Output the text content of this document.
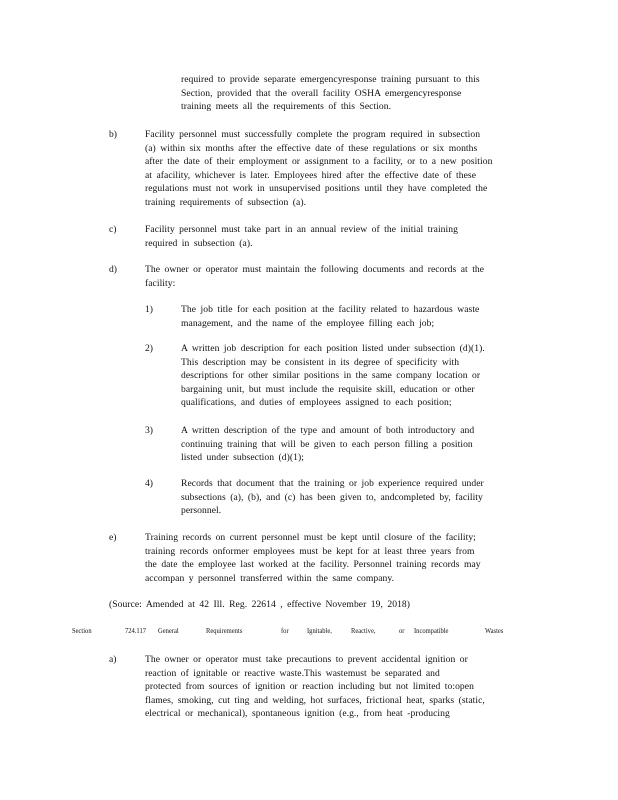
required to provide separate emergencyresponse training pursuant to this

Section, provided that the overall facility OSHA emergencyresponse

training meets all the requirements of this Section.

b)	Facility personnel must successfully complete the program required in subsection

(a) within six months after the effective date of these regulations or six months

after the date of their employment or assignment to a facility, or to a new position

at afacility, whichever is later. Employees hired after the effective date of these

regulations must not work in unsupervised positions until they have completed the

training requirements of subsection (a).

c)	Facility personnel must take part in an annual review of the initial training

required in subsection (a).

d)	The owner or operator must maintain the following documents and records at the

facility:

1)	The job title for each position at the facility related to hazardous waste

management, and the name of the employee filling each job;

2)	A written job description for each position listed under subsection (d)(1).

This description may be consistent in its degree of specificity with

descriptions for other similar positions in the same company location or

bargaining unit, but must include the requisite skill, education or other

qualifications, and duties of employees assigned to each position;

3)	A written description of the type and amount of both introductory and

continuing training that will be given to each person filling a position

listed under subsection (d)(1);

4)	Records that document that the training or job experience required under

subsections (a), (b), and (c) has been given to, andcompleted by, facility

personnel.

e)	Training records on current personnel must be kept until closure of the facility;

training records onformer employees must be kept for at least three years from

the date the employee last worked at the facility. Personnel training records may

accompan y personnel transferred within the same company.

(Source: Amended at 42 Ill. Reg. 22614 , effective November 19, 2018)

Section	724.117 General	Requirements	for Ignitable,	Reactive,	or Incompatible	Wastes
a)	The owner or operator must take precautions to prevent accidental ignition or

reaction of ignitable or reactive waste.This wastemust be separated and

protected from sources of ignition or reaction including but not limited to:open

flames, smoking, cut ting and welding, hot surfaces, frictional heat, sparks (static,

electrical or mechanical), spontaneous ignition (e.g., from heat -producing
